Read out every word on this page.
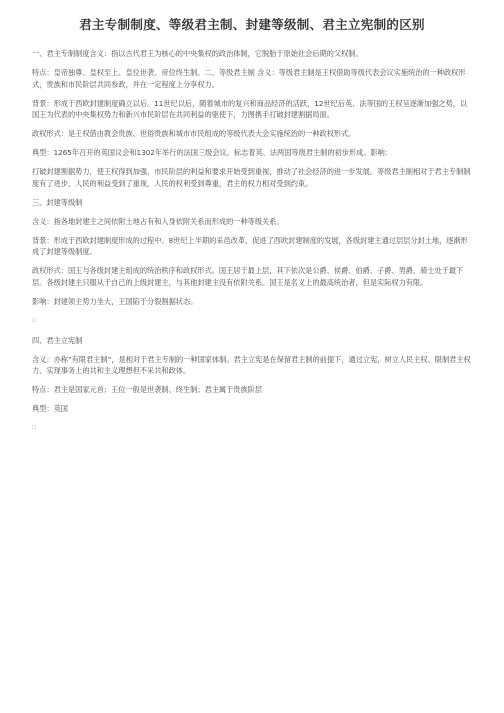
君主专制制度、等级君主制、封建等级制、君主立宪制的区别
一、君主专制制度含义：指以古代君王为核心的中央集权的政治体制，它脱胎于原始社会后期的父权制。
特点：皇帝独尊、皇权至上、皇位世袭、帝位终生制。二、等级君主制 含义：等级君主制是王权借助等级代表会议实施统治的一种政权形式，贵族和市民阶层共同参政，并在一定程度上分享权力。
背景：形成于西欧封建制度确立以后。11世纪以后，随着城市的复兴和商品经济的活跃，12世纪后英、法等国的王权呈逐渐加强之势，以国王为代表的中央集权势力和新兴市民阶层在共同利益的驱使下，力图携手打破封建割据局面。
政权形式：是王权借由教会贵族、世俗贵族和城市市民组成的等级代表大会实施统治的一种政权形式。
典型：1265年召开的英国议会和1302年举行的法国三级会议，标志着英、法两国等级君主制的初步形成。影响：
打破封建割据势力，使王权得到加强，市民阶层的利益和要求开始受到重视，推动了社会经济的进一步发展。等级君主制相对于君主专制制度有了进步，人民的利益受到了重视，人民的权利受到尊重，君主的权力相对受到约束。
三、封建等级制
含义：指各地封建主之间依附土地占有和人身依附关系而形成的一种等级关系。
背景：形成于西欧封建制度形成的过程中。8世纪上半期的采邑改革，促进了西欧封建制度的发展，各级封建主通过层层分封土地，逐渐形成了封建等级制度。
政权形式：国王与各级封建主组成的统治秩序和政权形式。国王居于最上层，其下依次是公爵、侯爵、伯爵、子爵、男爵，骑士处于最下层。各级封建主只服从于自己的上级封建主，与其他封建主没有依附关系。国王是名义上的最高统治者，但是实际权力有限。
影响：封建领主势力坐大，王国陷于分裂割据状态。
▫
四、君主立宪制
含义：亦称“有限君主制”，是相对于君主专制的一种国家体制。君主立宪是在保留君主制的前提下，通过立宪，树立人民主权、限制君主权力、实现事务上的共和主义理想但不采共和政体。
特点：君主是国家元首；王位一般是世袭制、终生制；君主属于贵族阶层
典型：英国
▫
